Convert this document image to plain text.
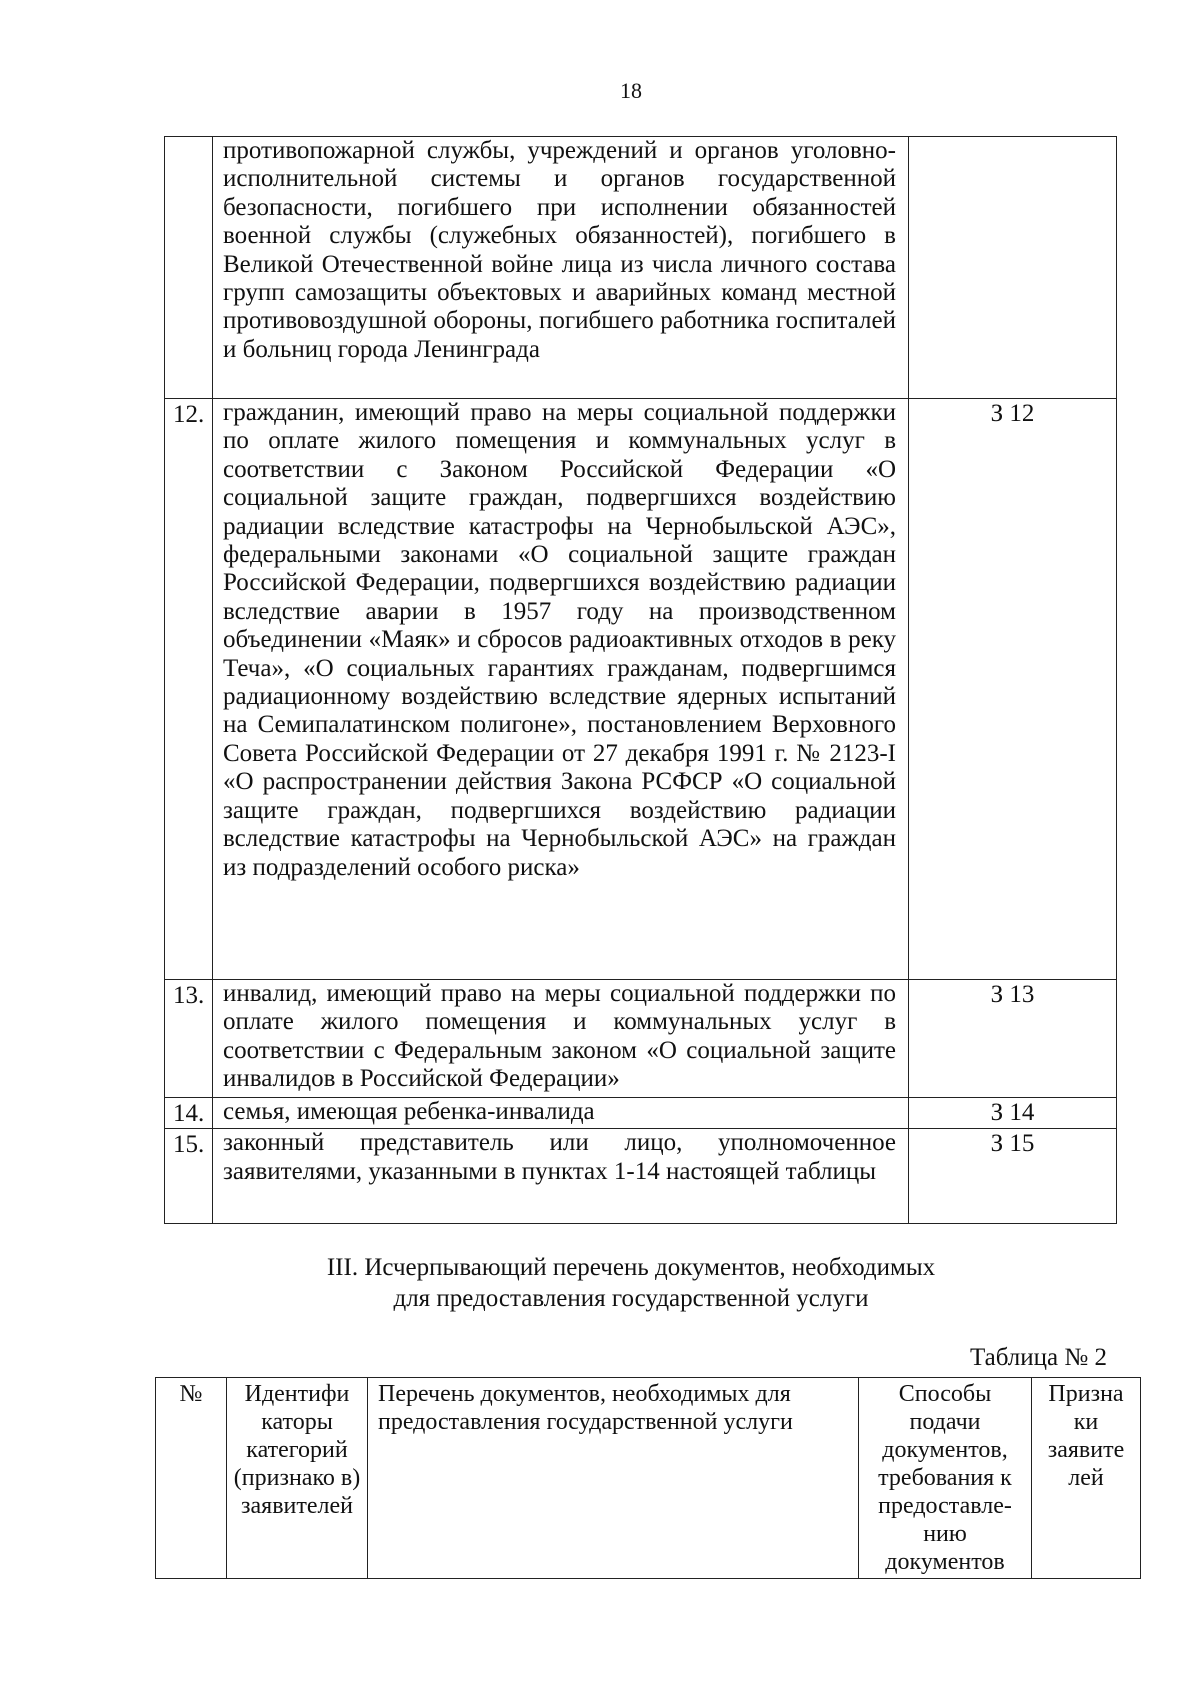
18
	противопожарной службы, учреждений и органов уголовно-исполнительной системы и органов государственной безопасности, погибшего при исполнении обязанностей военной службы (служебных обязанностей), погибшего в Великой Отечественной войне лица из числа личного состава групп самозащиты объектовых и аварийных команд местной противовоздушной обороны, погибшего работника госпиталей и больниц города Ленинграда	
12.	гражданин, имеющий право на меры социальной поддержки по оплате жилого помещения и коммунальных услуг в соответствии с Законом Российской Федерации «О социальной защите граждан, подвергшихся воздействию радиации вследствие катастрофы на Чернобыльской АЭС», федеральными законами «О социальной защите граждан Российской Федерации, подвергшихся воздействию радиации вследствие аварии в 1957 году на производственном объединении «Маяк» и сбросов радиоактивных отходов в реку Теча», «О социальных гарантиях гражданам, подвергшимся радиационному воздействию вследствие ядерных испытаний на Семипалатинском полигоне», постановлением Верховного Совета Российской Федерации от 27 декабря 1991 г. № 2123-I «О распространении действия Закона РСФСР «О социальной защите граждан, подвергшихся воздействию радиации вследствие катастрофы на Чернобыльской АЭС» на граждан из подразделений особого риска»	З 12
13.	инвалид, имеющий право на меры социальной поддержки по оплате жилого помещения и коммунальных услуг в соответствии с Федеральным законом «О социальной защите инвалидов в Российской Федерации»	З 13
14.	семья, имеющая ребенка-инвалида	З 14
15.	законный представитель или лицо, уполномоченное заявителями, указанными в пунктах 1-14 настоящей таблицы	З 15
III. Исчерпывающий перечень документов, необходимых
для предоставления государственной услуги
Таблица № 2
№	Идентифи каторы категорий (признако в) заявителей	Перечень документов, необходимых для предоставления государственной услуги	Способы подачи документов, требования к предоставле-нию документов	Призна ки заявите лей
